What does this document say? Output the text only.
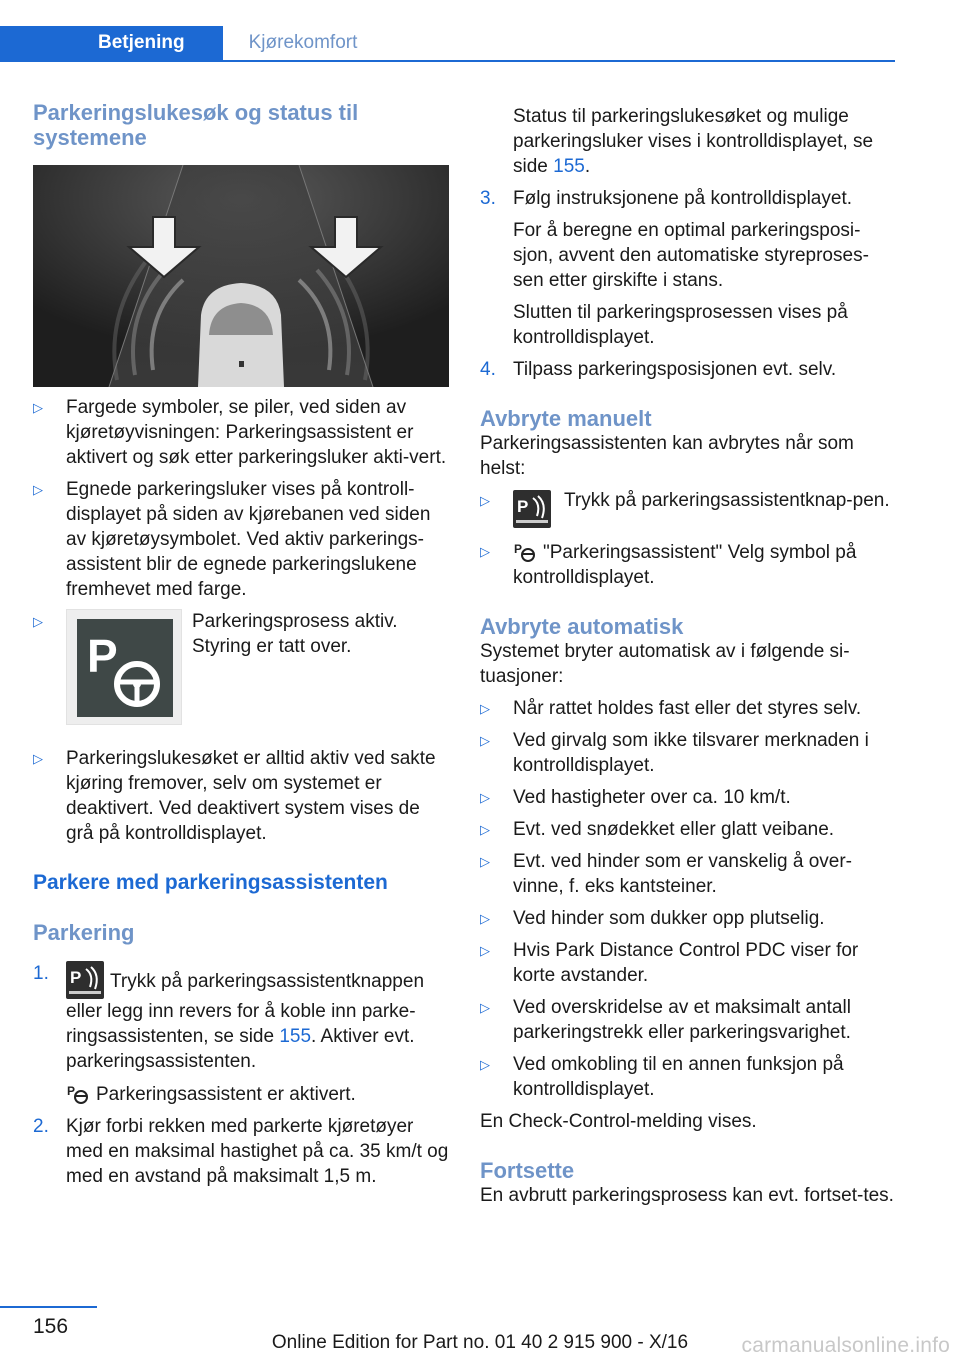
Betjening	Kjørekomfort
Parkeringslukesøk og status til systemene
▷ Fargede symboler, se piler, ved siden av kjøretøyvisningen: Parkeringsassistent er aktivert og søk etter parkeringsluker akti‐vert.
▷ Egnede parkeringsluker vises på kontroll‐displayet på siden av kjørebanen ved siden av kjøretøysymbolet. Ved aktiv parkerings‐assistent blir de egnede parkeringslukene fremhevet med farge.
▷
P
Parkeringsprosess aktiv. Styring er tatt over.
▷ Parkeringslukesøket er alltid aktiv ved sakte kjøring fremover, selv om systemet er deaktivert. Ved deaktivert system vises de grå på kontrolldisplayet.
Parkere med parkeringsassistenten
Parkering
1. P Trykk på parkeringsassistentknappen eller legg inn revers for å koble inn parke‐ringsassistenten, se side 155. Aktiver evt. parkeringsassistenten.
P Parkeringsassistent er aktivert.
2. Kjør forbi rekken med parkerte kjøretøyer med en maksimal hastighet på ca. 35 km/t og med en avstand på maksimalt 1,5 m.
Status til parkeringslukesøket og mulige parkeringsluker vises i kontrolldisplayet, se side 155.
3. Følg instruksjonene på kontrolldisplayet.
For å beregne en optimal parkeringsposi‐sjon, avvent den automatiske styreproses‐sen etter girskifte i stans.
Slutten til parkeringsprosessen vises på kontrolldisplayet.
4. Tilpass parkeringsposisjonen evt. selv.
Avbryte manuelt

Parkeringsassistenten kan avbrytes når som helst:

▷ P Trykk på parkeringsassistentknap‐pen.
▷ P "Parkeringsassistent" Velg symbol på kontrolldisplayet.
Avbryte automatisk

Systemet bryter automatisk av i følgende si‐tuasjoner:

▷ Når rattet holdes fast eller det styres selv.
▷ Ved girvalg som ikke tilsvarer merknaden i kontrolldisplayet.
▷ Ved hastigheter over ca. 10 km/t.
▷ Evt. ved snødekket eller glatt veibane.
▷ Evt. ved hinder som er vanskelig å over‐vinne, f. eks kantsteiner.
▷ Ved hinder som dukker opp plutselig.
▷ Hvis Park Distance Control PDC viser for korte avstander.
▷ Ved overskridelse av et maksimalt antall parkeringstrekk eller parkeringsvarighet.
▷ Ved omkobling til en annen funksjon på kontrolldisplayet.

En Check-Control-melding vises.

Fortsette

En avbrutt parkeringsprosess kan evt. fortset‐tes.

156
Online Edition for Part no. 01 40 2 915 900 - X/16	carmanualsonline.info
